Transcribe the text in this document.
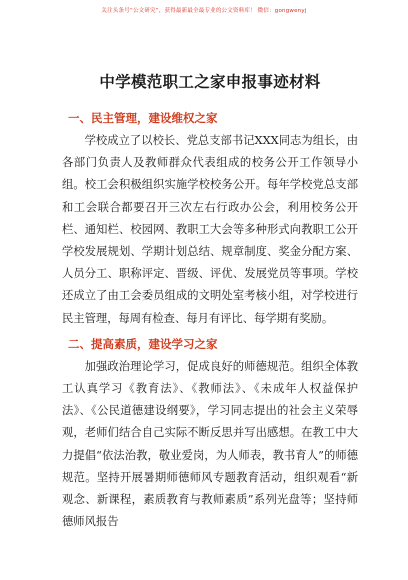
关注头条号“公文研究”，获得最新最全最专业的公文资料库！ 微信：gongwenyj
中学模范职工之家申报事迹材料
一、民主管理，建设维权之家

学校成立了以校长、党总支部书记XXX同志为组长，由各部门负责人及教师群众代表组成的校务公开工作领导小组。校工会积极组织实施学校校务公开。每年学校党总支部和工会联合都要召开三次左右行政办公会，利用校务公开栏、通知栏、校园网、教职工大会等多种形式向教职工公开学校发展规划、学期计划总结、规章制度、奖金分配方案、人员分工、职称评定、晋级、评优、发展党员等事项。学校还成立了由工会委员组成的文明处室考核小组，对学校进行民主管理，每周有检查、每月有评比、每学期有奖励。

二、提高素质，建设学习之家

加强政治理论学习，促成良好的师德规范。组织全体教工认真学习《教育法》、《教师法》、《未成年人权益保护法》、《公民道德建设纲要》，学习同志提出的社会主义荣辱观，老师们结合自己实际不断反思并写出感想。在教工中大力提倡“依法治教，敬业爱岗，为人师表，教书育人”的师德规范。坚持开展暑期师德师风专题教育活动，组织观看“新观念、新课程，素质教育与教师素质”系列光盘等；坚持师德师风报告
